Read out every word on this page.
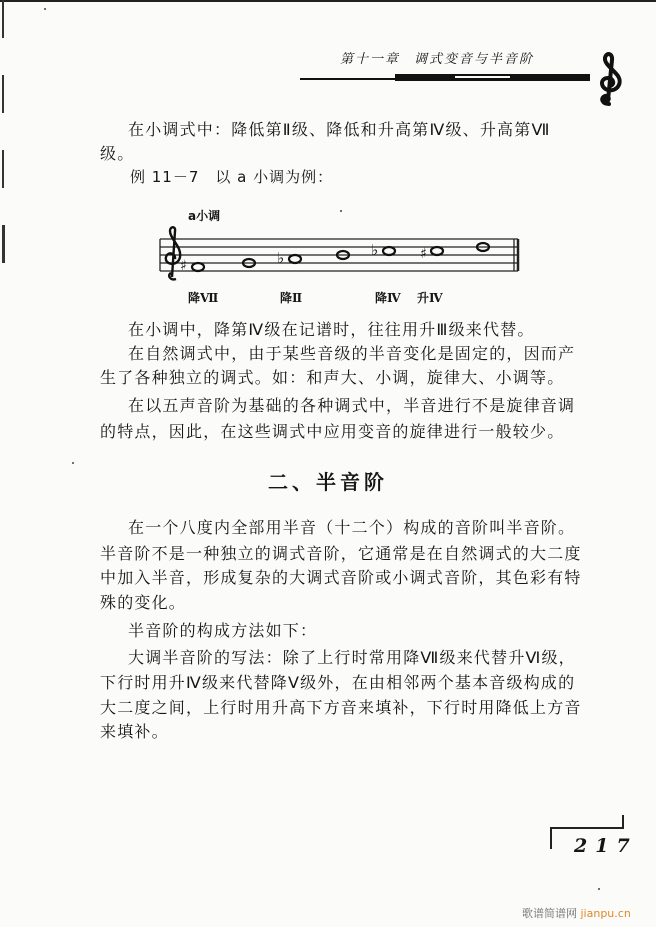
第十一章 调式变音与半音阶
在小调式中：降低第Ⅱ级、降低和升高第Ⅳ级、升高第Ⅶ
级。
例 11－7　以 a 小调为例：
a小调
♯	♭	♭	♯
降Ⅶ	降Ⅱ	降Ⅳ 升Ⅳ
在小调中，降第Ⅳ级在记谱时，往往用升Ⅲ级来代替。
在自然调式中，由于某些音级的半音变化是固定的，因而产
生了各种独立的调式。如：和声大、小调，旋律大、小调等。
在以五声音阶为基础的各种调式中，半音进行不是旋律音调
的特点，因此，在这些调式中应用变音的旋律进行一般较少。
二、半音阶
在一个八度内全部用半音（十二个）构成的音阶叫半音阶。
半音阶不是一种独立的调式音阶，它通常是在自然调式的大二度
中加入半音，形成复杂的大调式音阶或小调式音阶，其色彩有特
殊的变化。
半音阶的构成方法如下：
大调半音阶的写法：除了上行时常用降Ⅶ级来代替升Ⅵ级，
下行时用升Ⅳ级来代替降Ⅴ级外，在由相邻两个基本音级构成的
大二度之间，上行时用升高下方音来填补，下行时用降低上方音
来填补。
217
歌谱简谱网 jianpu.cn
